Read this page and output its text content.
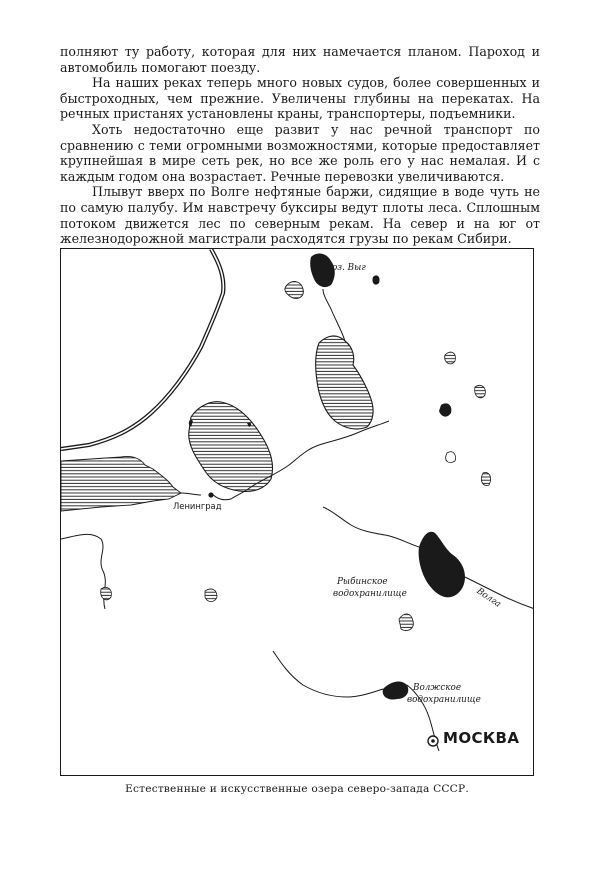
полняют ту работу, которая для них намечается планом. Пароход и автомобиль помогают поезду.

На наших реках теперь много новых судов, более совершенных и быстроходных, чем прежние. Увеличены глубины на перекатах. На речных пристанях установлены краны, транспортеры, подъемники.

Хоть недостаточно еще развит у нас речной транспорт по сравнению с теми огромными возможностями, которые предоставляет крупнейшая в мире сеть рек, но все же роль его у нас немалая. И с каждым годом она возрастает. Речные перевозки увеличиваются.

Плывут вверх по Волге нефтяные баржи, сидящие в воде чуть не по самую палубу. Им навстречу буксиры ведут плоты леса. Сплошным потоком движется лес по северным рекам. На север и на юг от железнодорожной магистрали расходятся грузы по рекам Сибири.

оз. Выг
Ленинград
Рыбинское
водохранилище	Волга
Волжское
водохранилище
МОСКВА
Естественные и искусственные озера северо-запада СССР.
